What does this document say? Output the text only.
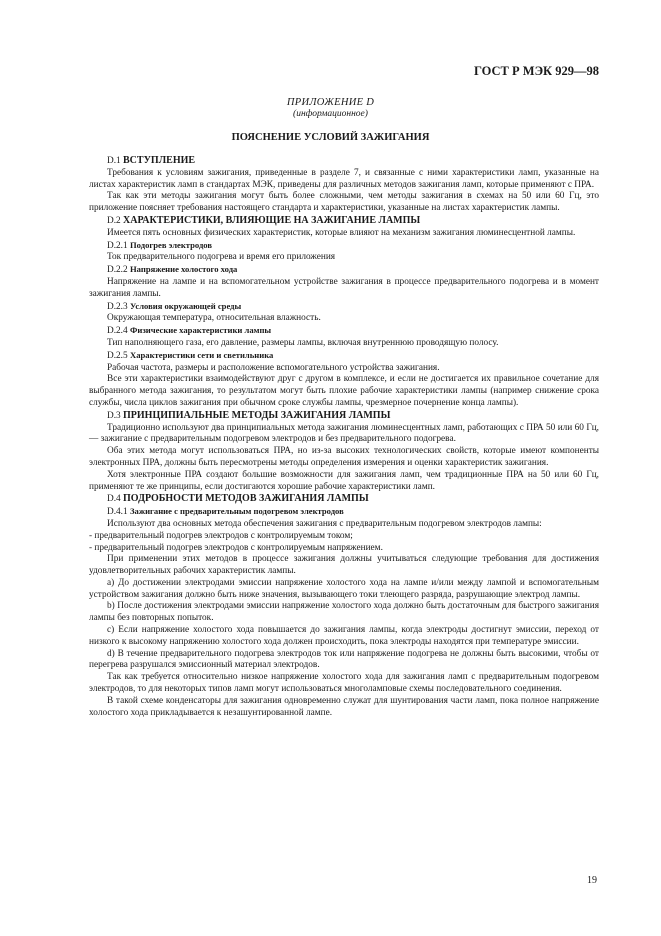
ГОСТ Р МЭК 929—98
ПРИЛОЖЕНИЕ D
(информационное)
ПОЯСНЕНИЕ УСЛОВИЙ ЗАЖИГАНИЯ
D.1 ВСТУПЛЕНИЕ

Требования к условиям зажигания, приведенные в разделе 7, и связанные с ними характеристики ламп, указанные на листах характеристик ламп в стандартах МЭК, приведены для различных методов зажигания ламп, которые применяют с ПРА.

Так как эти методы зажигания могут быть более сложными, чем методы зажигания в схемах на 50 или 60 Гц, это приложение поясняет требования настоящего стандарта и характеристики, указанные на листах характеристик лампы.

D.2 ХАРАКТЕРИСТИКИ, ВЛИЯЮЩИЕ НА ЗАЖИГАНИЕ ЛАМПЫ

Имеется пять основных физических характеристик, которые влияют на механизм зажигания люминесцентной лампы.

D.2.1 Подогрев электродов

Ток предварительного подогрева и время его приложения

D.2.2 Напряжение холостого хода

Напряжение на лампе и на вспомогательном устройстве зажигания в процессе предварительного подогрева и в момент зажигания лампы.

D.2.3 Условия окружающей среды

Окружающая температура, относительная влажность.

D.2.4 Физические характеристики лампы

Тип наполняющего газа, его давление, размеры лампы, включая внутреннюю проводящую полосу.

D.2.5 Характеристики сети и светильника

Рабочая частота, размеры и расположение вспомогательного устройства зажигания.

Все эти характеристики взаимодействуют друг с другом в комплексе, и если не достигается их правильное сочетание для выбранного метода зажигания, то результатом могут быть плохие рабочие характеристики лампы (например снижение срока службы, числа циклов зажигания при обычном сроке службы лампы, чрезмерное почернение конца лампы).

D.3 ПРИНЦИПИАЛЬНЫЕ МЕТОДЫ ЗАЖИГАНИЯ ЛАМПЫ

Традиционно используют два принципиальных метода зажигания люминесцентных ламп, работающих с ПРА 50 или 60 Гц, — зажигание с предварительным подогревом электродов и без предварительного подогрева.

Оба этих метода могут использоваться ПРА, но из-за высоких технологических свойств, которые имеют компоненты электронных ПРА, должны быть пересмотрены методы определения измерения и оценки характеристик зажигания.

Хотя электронные ПРА создают большие возможности для зажигания ламп, чем традиционные ПРА на 50 или 60 Гц, применяют те же принципы, если достигаются хорошие рабочие характеристики ламп.

D.4 ПОДРОБНОСТИ МЕТОДОВ ЗАЖИГАНИЯ ЛАМПЫ
D.4.1 Зажигание с предварительным подогревом электродов

Используют два основных метода обеспечения зажигания с предварительным подогревом электродов лампы:

- предварительный подогрев электродов с контролируемым током;

- предварительный подогрев электродов с контролируемым напряжением.

При применении этих методов в процессе зажигания должны учитываться следующие требования для достижения удовлетворительных рабочих характеристик лампы.

a) До достижении электродами эмиссии напряжение холостого хода на лампе и/или между лампой и вспомогательным устройством зажигания должно быть ниже значения, вызывающего токи тлеющего разряда, разрушающие электрод лампы.

b) После достижения электродами эмиссии напряжение холостого хода должно быть достаточным для быстрого зажигания лампы без повторных попыток.

c) Если напряжение холостого хода повышается до зажигания лампы, когда электроды достигнут эмиссии, переход от низкого к высокому напряжению холостого хода должен происходить, пока электроды находятся при температуре эмиссии.

d) В течение предварительного подогрева электродов ток или напряжение подогрева не должны быть высокими, чтобы от перегрева разрушался эмиссионный материал электродов.

Так как требуется относительно низкое напряжение холостого хода для зажигания ламп с предварительным подогревом электродов, то для некоторых типов ламп могут использоваться многоламповые схемы последовательного соединения.

В такой схеме конденсаторы для зажигания одновременно служат для шунтирования части ламп, пока полное напряжение холостого хода прикладывается к незашунтированной лампе.

19
